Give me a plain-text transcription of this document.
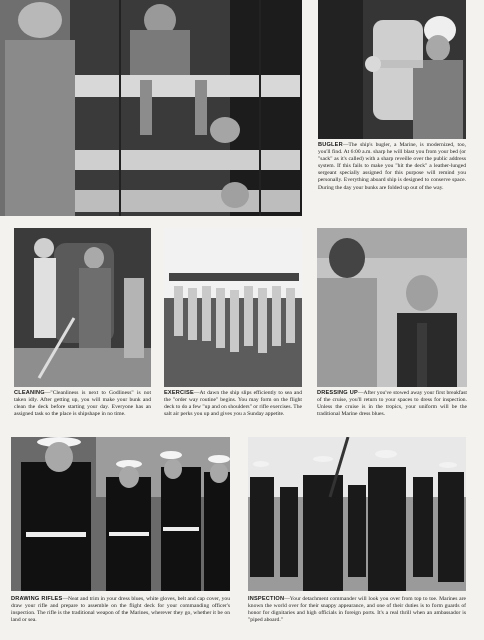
BUGLER—The ship's bugler, a Marine, is modernized, too, you'll find. At 6:00 a.m. sharp he will blast you from your bed (or "sack" as it's called) with a sharp reveille over the public address system. If this fails to make you "hit the deck" a leather-lunged sergeant specially assigned for this purpose will remind you personally. Everything aboard ship is designed to conserve space. During the day your bunks are folded up out of the way.
CLEANING—"Cleanliness is next to Godliness" is not taken idly. After getting up, you will make your bunk and clean the deck before starting your day. Everyone has an assigned task so the place is shipshape in no time.
EXERCISE—At dawn the ship slips efficiently to sea and the "order way routine" begins. You may form on the flight deck to do a few "up and on shoulders" or rifle exercises. The salt air perks you up and gives you a Sunday appetite.
DRESSING UP—After you've stowed away your first breakfast of the cruise, you'll return to your spaces to dress for inspection. Unless the cruise is in the tropics, your uniform will be the traditional Marine dress blues.
DRAWING RIFLES—Neat and trim in your dress blues, white gloves, belt and cap cover, you draw your rifle and prepare to assemble on the flight deck for your commanding officer's inspection. The rifle is the traditional weapon of the Marines, wherever they go, whether it be on land or sea.
INSPECTION—Your detachment commander will look you over from top to toe. Marines are known the world over for their snappy appearance, and one of their duties is to form guards of honor for dignitaries and high officials in foreign ports. It's a real thrill when an ambassador is "piped aboard."
